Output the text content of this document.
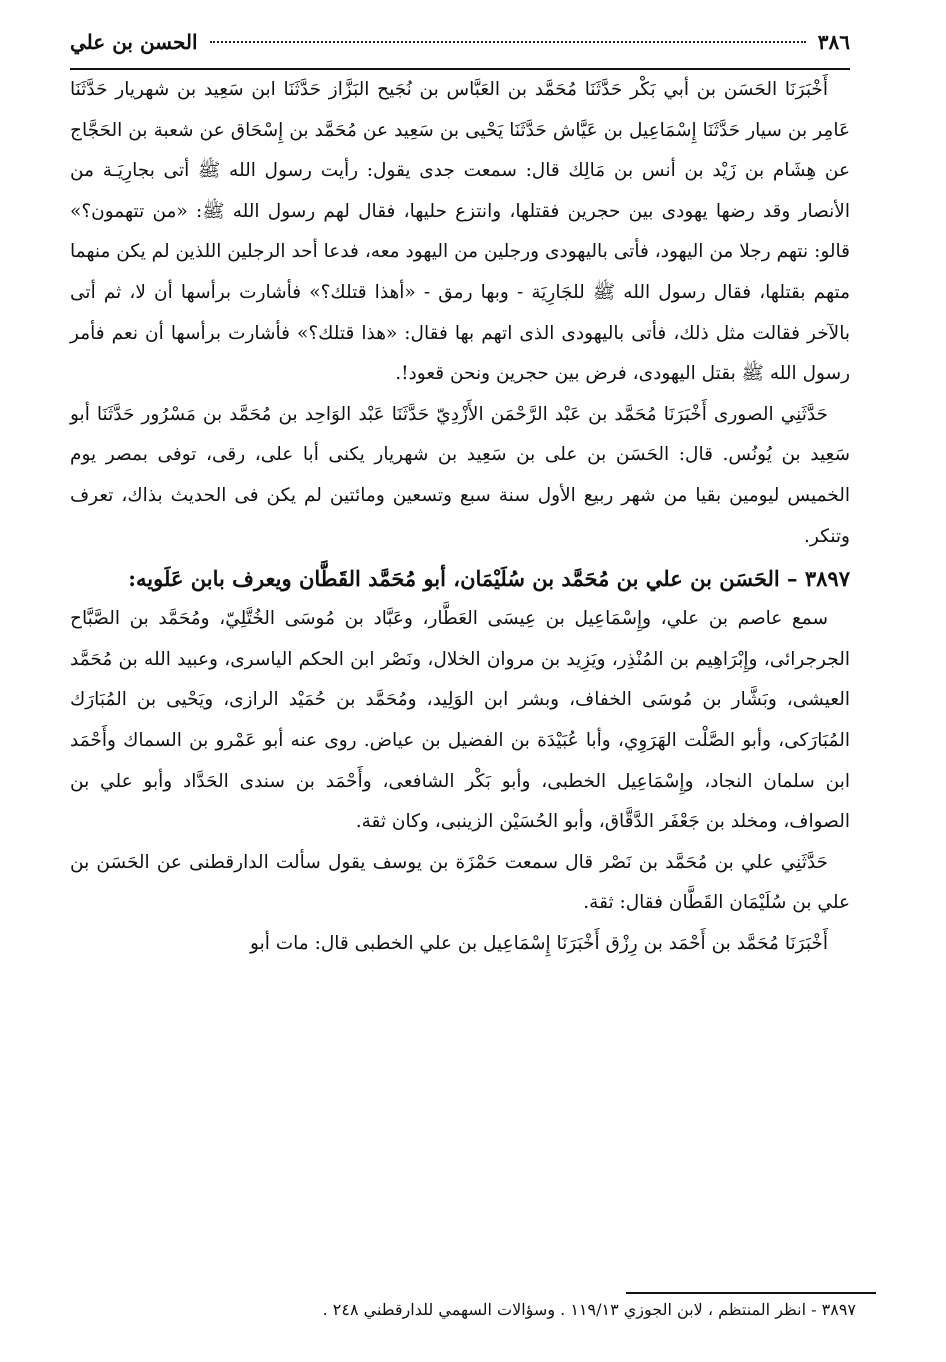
٣٨٦
الحسن بن علي

أَخْبَرَنَا الحَسَن بن أبي بَكْر حَدَّثَنَا مُحَمَّد بن العَبَّاس بن نُجَيح البَزَّاز حَدَّثَنَا ابن سَعِيد بن شهريار حَدَّثَنَا عَامِر بن سيار حَدَّثَنَا إِسْمَاعِيل بن عَيَّاش حَدَّثَنَا يَحْيى بن سَعِيد عن مُحَمَّد بن إِسْحَاق عن شعبة بن الحَجَّاج عن هِشَام بن زَيْد بن أنس بن مَالِك قال: سمعت جدى يقول: رأيت رسول الله ﷺ أتى بجارِيَـة من الأنصار وقد رضها يهودى بين حجرين فقتلها، وانتزع حليها، فقال لهم رسول الله ﷺ: «من تتهمون؟» قالو: نتهم رجلا من اليهود، فأتى باليهودى ورجلين من اليهود معه، فدعا أحد الرجلين اللذين لم يكن منهما متهم بقتلها، فقال رسول الله ﷺ للجَارِيَة - وبها رمق - «أهذا قتلك؟» فأشارت برأسها أن لا، ثم أتى بالآخر فقالت مثل ذلك، فأتى باليهودى الذى اتهم بها فقال: «هذا قتلك؟» فأشارت برأسها أن نعم فأمر رسول الله ﷺ بقتل اليهودى، فرض بين حجرين ونحن قعود!.

حَدَّثَنِي الصورى أَخْبَرَنَا مُحَمَّد بن عَبْد الرَّحْمَن الأَزْدِيّ حَدَّثَنَا عَبْد الوَاحِد بن مُحَمَّد بن مَسْرُور حَدَّثَنَا أبو سَعِيد بن يُونُس. قال: الحَسَن بن على بن سَعِيد بن شهريار يكنى أبا على، رقى، توفى بمصر يوم الخميس ليومين بقيا من شهر ربيع الأول سنة سبع وتسعين ومائتين لم يكن فى الحديث بذاك، تعرف وتنكر.

٣٨٩٧ – الحَسَن بن علي بن مُحَمَّد بن سُلَيْمَان، أبو مُحَمَّد القَطَّان ويعرف بابن عَلَويه:

سمع عاصم بن علي، وإِسْمَاعِيل بن عِيسَى العَطَّار، وعَبَّاد بن مُوسَى الخُتَّلِيّ، ومُحَمَّد بن الصَّبَّاح الجرجرائى، وإِبْرَاهِيم بن المُنْذِر، ويَزِيد بن مروان الخلال، ونَصْر ابن الحكم الياسرى، وعبيد الله بن مُحَمَّد العيشى، وبَشَّار بن مُوسَى الخفاف، وبشر ابن الوَلِيد، ومُحَمَّد بن حُمَيْد الرازى، ويَحْيى بن المُبَارَك المُبَارَكى، وأبو الصَّلْت الهَرَوِي، وأبا عُبَيْدَة بن الفضيل بن عياض. روى عنه أبو عَمْرو بن السماك وأَحْمَد ابن سلمان النجاد، وإِسْمَاعِيل الخطبى، وأبو بَكْر الشافعى، وأَحْمَد بن سندى الحَدَّاد وأبو علي بن الصواف، ومخلد بن جَعْفَر الدَّقَّاق، وأبو الحُسَيْن الزينبى، وكان ثقة.

حَدَّثَنِي علي بن مُحَمَّد بن نَصْر قال سمعت حَمْزَة بن يوسف يقول سألت الدارقطنى عن الحَسَن بن علي بن سُلَيْمَان القَطَّان فقال: ثقة.

أَخْبَرَنَا مُحَمَّد بن أَحْمَد بن رِزْق أَخْبَرَنَا إِسْمَاعِيل بن علي الخطبى قال: مات أبو

٣٨٩٧ - انظر المنتظم ، لابن الجوزي ١١٩/١٣ . وسؤالات السهمي للدارقطني ٢٤٨ .
